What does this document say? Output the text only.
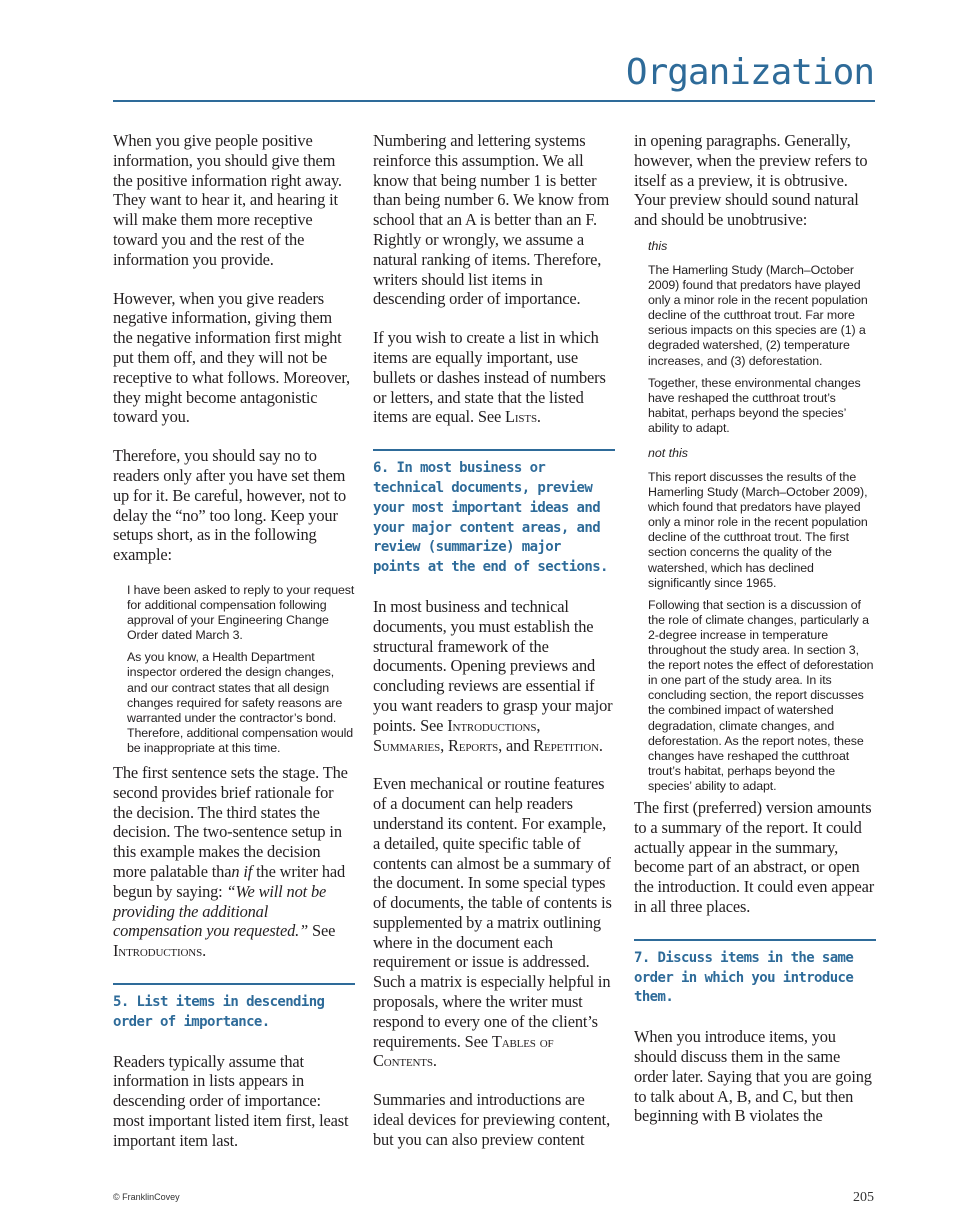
Organization

When you give people positive information, you should give them the positive information right away. They want to hear it, and hearing it will make them more receptive toward you and the rest of the information you provide.

However, when you give readers negative information, giving them the negative information first might put them off, and they will not be receptive to what follows. Moreover, they might become antagonistic toward you.

Therefore, you should say no to readers only after you have set them up for it. Be careful, however, not to delay the “no” too long. Keep your setups short, as in the following example:

I have been asked to reply to your request for additional compensation following approval of your Engineering Change Order dated March 3.

As you know, a Health Department inspector ordered the design changes, and our contract states that all design changes required for safety reasons are warranted under the contractor’s bond. Therefore, additional compensation would be inappropriate at this time.

The first sentence sets the stage. The second provides brief rationale for the decision. The third states the decision. The two-sentence setup in this example makes the decision more palatable than if the writer had begun by saying: “We will not be providing the additional compensation you requested.” See Introductions.

5. List items in descending order of importance.

Readers typically assume that information in lists appears in descending order of importance: most important listed item first, least important item last.

Numbering and lettering systems reinforce this assumption. We all know that being number 1 is better than being number 6. We know from school that an A is better than an F. Rightly or wrongly, we assume a natural ranking of items. Therefore, writers should list items in descending order of importance.

If you wish to create a list in which items are equally important, use bullets or dashes instead of numbers or letters, and state that the listed items are equal. See Lists.

6. In most business or technical documents, preview your most important ideas and your major content areas, and review (summarize) major points at the end of sections.

In most business and technical documents, you must establish the structural framework of the documents. Opening previews and concluding reviews are essential if you want readers to grasp your major points. See Introductions, Summaries, Reports, and Repetition.

Even mechanical or routine features of a document can help readers understand its content. For example, a detailed, quite specific table of contents can almost be a summary of the document. In some special types of documents, the table of contents is supplemented by a matrix outlining where in the document each requirement or issue is addressed. Such a matrix is especially helpful in proposals, where the writer must respond to every one of the client’s requirements. See Tables of Contents.

Summaries and introductions are ideal devices for previewing content, but you can also preview content

in opening paragraphs. Generally, however, when the preview refers to itself as a preview, it is obtrusive. Your preview should sound natural and should be unobtrusive:

this

The Hamerling Study (March–October 2009) found that predators have played only a minor role in the recent population decline of the cutthroat trout. Far more serious impacts on this species are (1) a degraded watershed, (2) temperature increases, and (3) deforestation.

Together, these environmental changes have reshaped the cutthroat trout’s habitat, perhaps beyond the species’ ability to adapt.

not this

This report discusses the results of the Hamerling Study (March–October 2009), which found that predators have played only a minor role in the recent population decline of the cutthroat trout. The first section concerns the quality of the watershed, which has declined significantly since 1965.

Following that section is a discussion of the role of climate changes, particularly a 2-degree increase in temperature throughout the study area. In section 3, the report notes the effect of deforestation in one part of the study area. In its concluding section, the report discusses the combined impact of watershed degradation, climate changes, and deforestation. As the report notes, these changes have reshaped the cutthroat trout’s habitat, perhaps beyond the species’ ability to adapt.

The first (preferred) version amounts to a summary of the report. It could actually appear in the summary, become part of an abstract, or open the introduction. It could even appear in all three places.

7. Discuss items in the same order in which you introduce them.

When you introduce items, you should discuss them in the same order later. Saying that you are going to talk about A, B, and C, but then beginning with B violates the

© FranklinCovey	205
